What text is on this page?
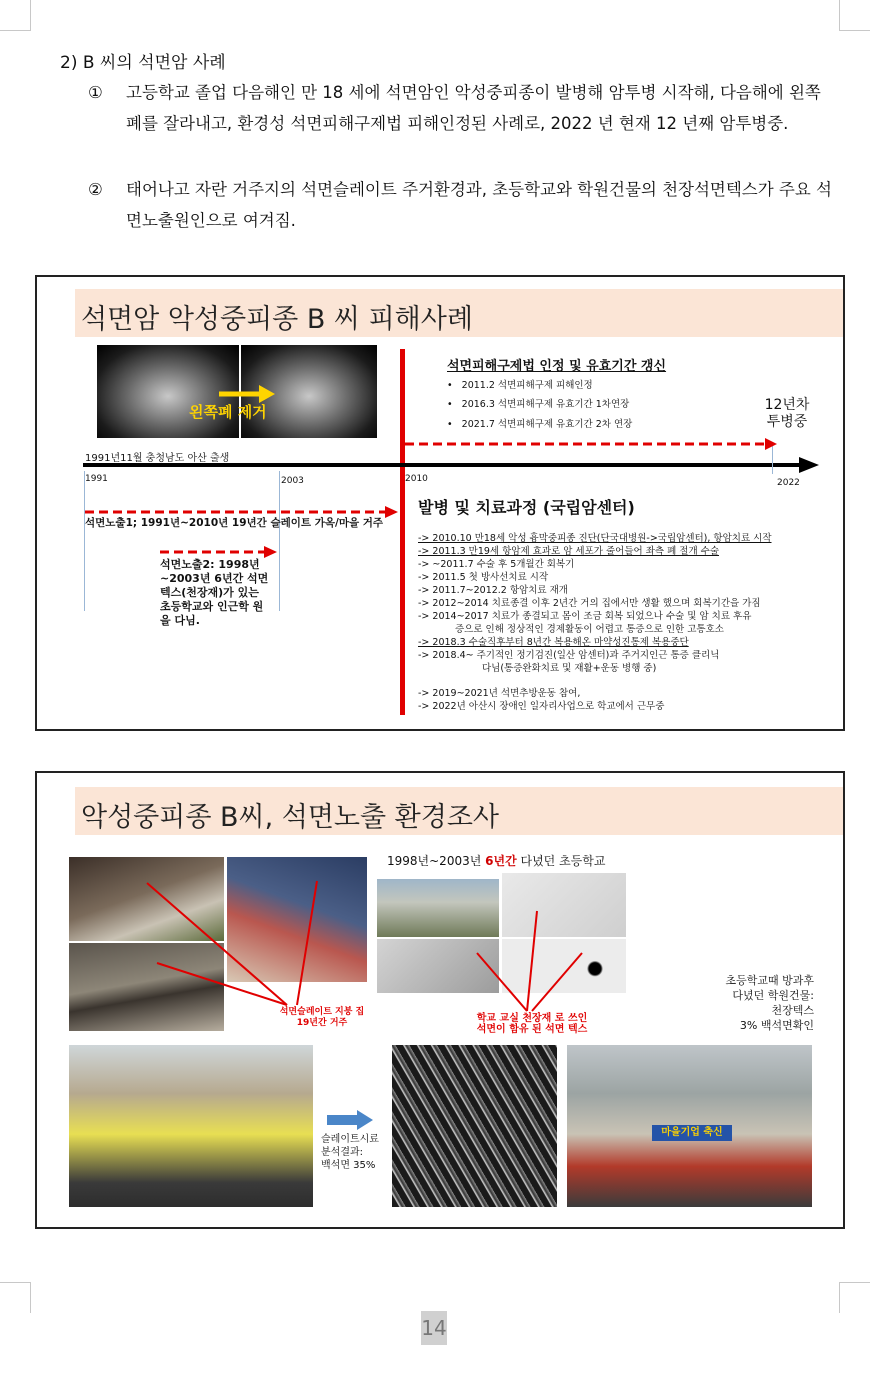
2) B 씨의 석면암 사례
① 고등학교 졸업 다음해인 만 18 세에 석면암인 악성중피종이 발병해 암투병 시작해, 다음해에 왼쪽폐를 잘라내고, 환경성 석면피해구제법 피해인정된 사례로, 2022 년 현재 12 년째 암투병중.
② 태어나고 자란 거주지의 석면슬레이트 주거환경과, 초등학교와 학원건물의 천장석면텍스가 주요 석면노출원인으로 여겨짐.
석면암 악성중피종 B 씨 피해사례
왼쪽폐 제거
1991년11월 충청남도 아산 출생
1991	2003	2010	2022
12년차
투병중
석면피해구제법 인정 및 유효기간 갱신
•   2011.2 석면피해구제 피해인정
•   2016.3 석면피해구제 유효기간 1차연장
•   2021.7 석면피해구제 유효기간 2차 연장
석면노출1; 1991년~2010년 19년간 슬레이트 가옥/마을 거주
석면노출2: 1998년 ~2003년 6년간 석면 텍스(천장재)가 있는 초등학교와 인근학 원을 다님.
발병 및 치료과정 (국립암센터)
-> 2010.10 만18세 악성 흉막중피종 진단(단국대병원->국립암센터), 항암치료 시작
-> 2011.3 만19세 항암제 효과로 암 세포가 줄어들어 좌측 폐 절개 수술
-> ~2011.7 수술 후 5개월간 회복기
-> 2011.5 첫 방사선치료 시작
-> 2011.7~2012.2 항암치료 재개
-> 2012~2014 치료종결 이후 2년간 거의 집에서만 생활 했으며 회복기간을 가짐
-> 2014~2017 치료가 종결되고 몸이 조금 회복 되었으나 수술 및 암 치료 후유
증으로 인해 정상적인 경제활동이 어렵고 통증으로 인한 고통호소
-> 2018.3 수술직후부터 8년간 복용해온 마약성진통제 복용중단
-> 2018.4~ 주기적인 정기검진(일산 암센터)과 주거지인근 통증 클리닉
다님(통증완화치료 및 재활+운동 병행 중)
-> 2019~2021년 석면추방운동 참여,
-> 2022년 아산시 장애인 일자리사업으로 학교에서 근무중
악성중피종 B씨, 석면노출 환경조사
1998년~2003년 6년간 다녔던 초등학교
석면슬레이트 지붕 집
19년간 거주	학교 교실 천장재 로 쓰인
석면이 함유 된 석면 텍스
초등학교때 방과후
다녔던 학원건물:
천장텍스
3% 백석면확인
슬레이트시료
분석결과:
백석면 35%
마을기업 축신
14
